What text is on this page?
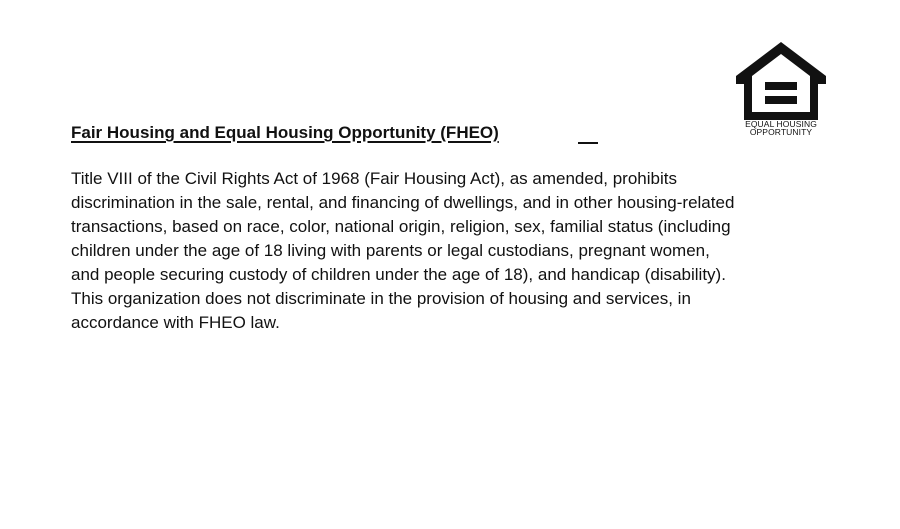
EQUAL HOUSING
OPPORTUNITY
Fair Housing and Equal Housing Opportunity (FHEO)

Title VIII of the Civil Rights Act of 1968 (Fair Housing Act), as amended, prohibits
discrimination in the sale, rental, and financing of dwellings, and in other housing-related
transactions, based on race, color, national origin, religion, sex, familial status (including
children under the age of 18 living with parents or legal custodians, pregnant women,
and people securing custody of children under the age of 18), and handicap (disability).
This organization does not discriminate in the provision of housing and services, in
accordance with FHEO law.
